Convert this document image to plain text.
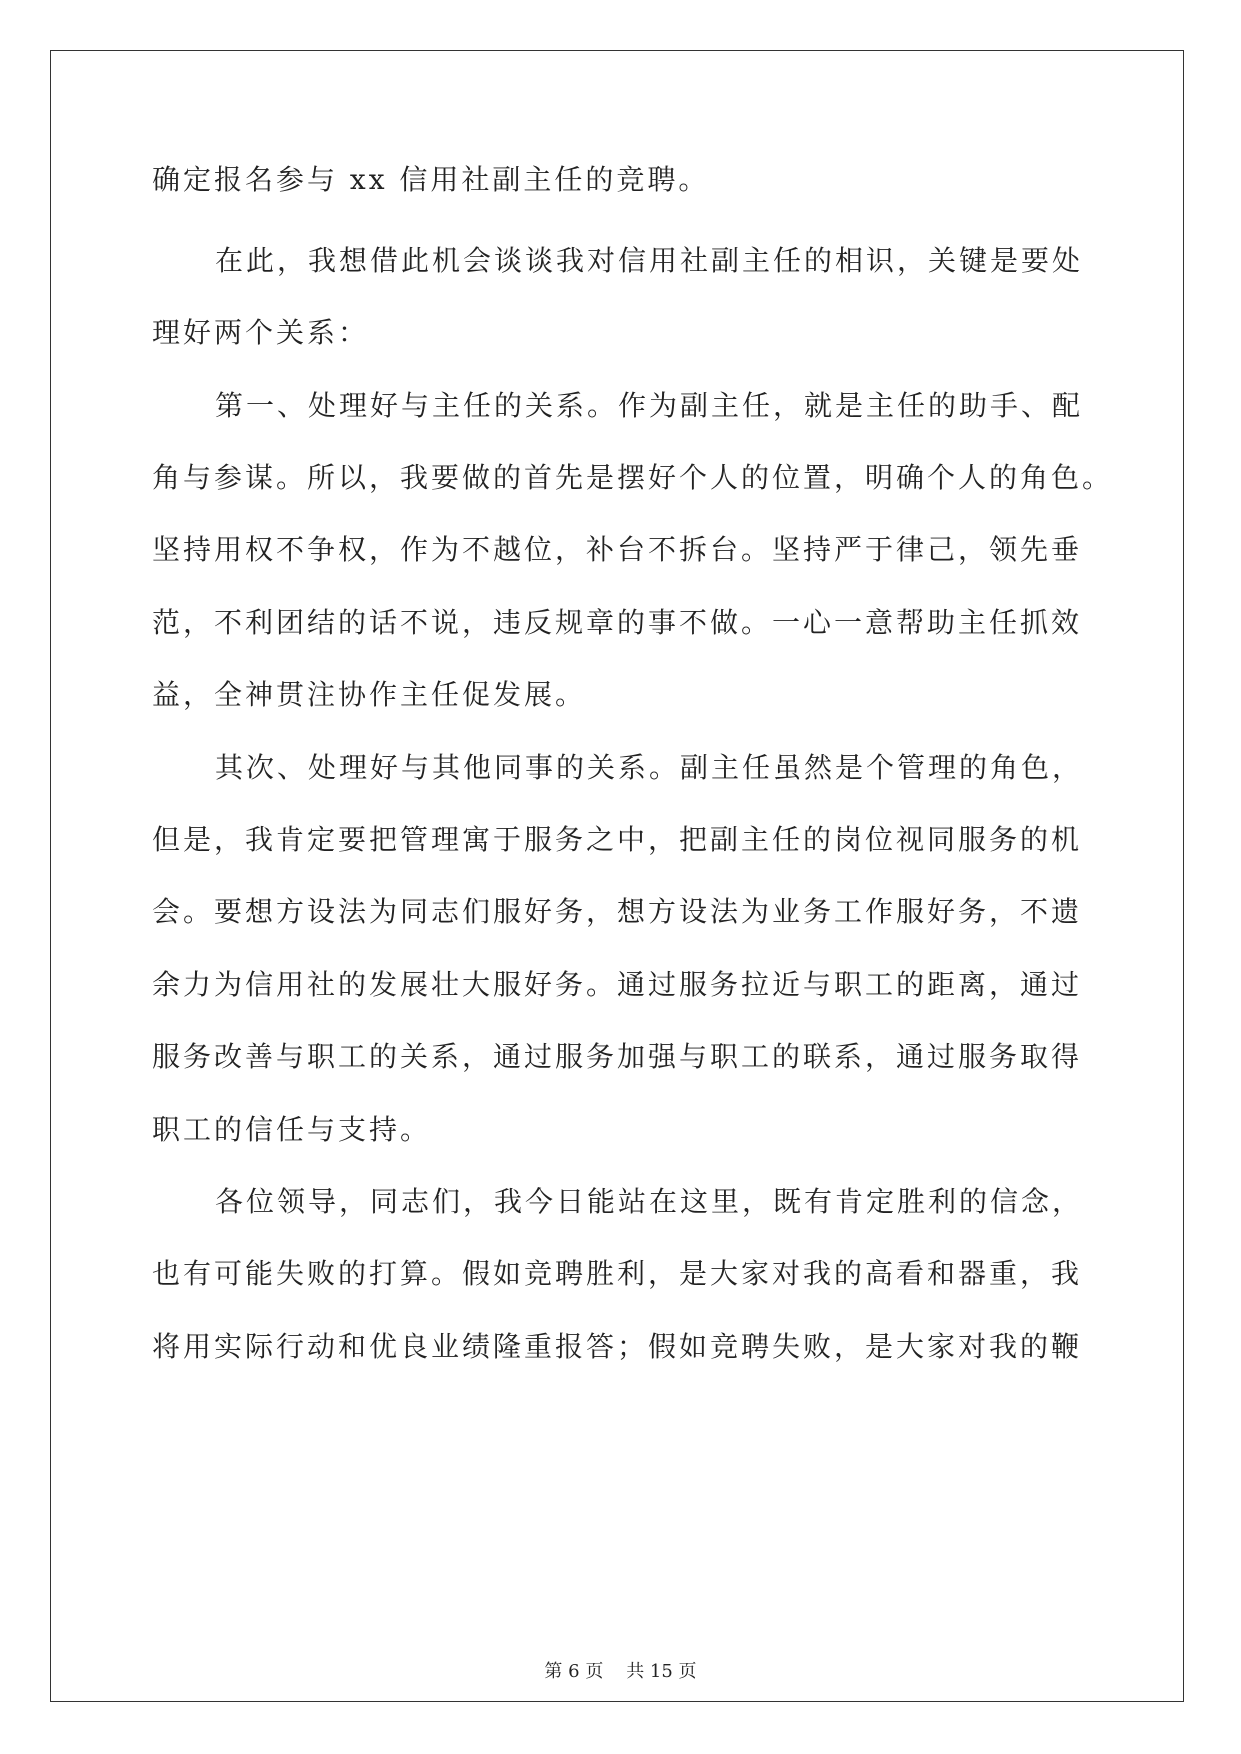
确定报名参与 xx 信用社副主任的竞聘。
在此，我想借此机会谈谈我对信用社副主任的相识，关键是要处
理好两个关系：
第一、处理好与主任的关系。作为副主任，就是主任的助手、配
角与参谋。所以，我要做的首先是摆好个人的位置，明确个人的角色。
坚持用权不争权，作为不越位，补台不拆台。坚持严于律己，领先垂
范，不利团结的话不说，违反规章的事不做。一心一意帮助主任抓效
益，全神贯注协作主任促发展。
其次、处理好与其他同事的关系。副主任虽然是个管理的角色，
但是，我肯定要把管理寓于服务之中，把副主任的岗位视同服务的机
会。要想方设法为同志们服好务，想方设法为业务工作服好务，不遗
余力为信用社的发展壮大服好务。通过服务拉近与职工的距离，通过
服务改善与职工的关系，通过服务加强与职工的联系，通过服务取得
职工的信任与支持。
各位领导，同志们，我今日能站在这里，既有肯定胜利的信念，
也有可能失败的打算。假如竞聘胜利，是大家对我的高看和器重，我
将用实际行动和优良业绩隆重报答；假如竞聘失败，是大家对我的鞭
第 6 页    共 15 页
